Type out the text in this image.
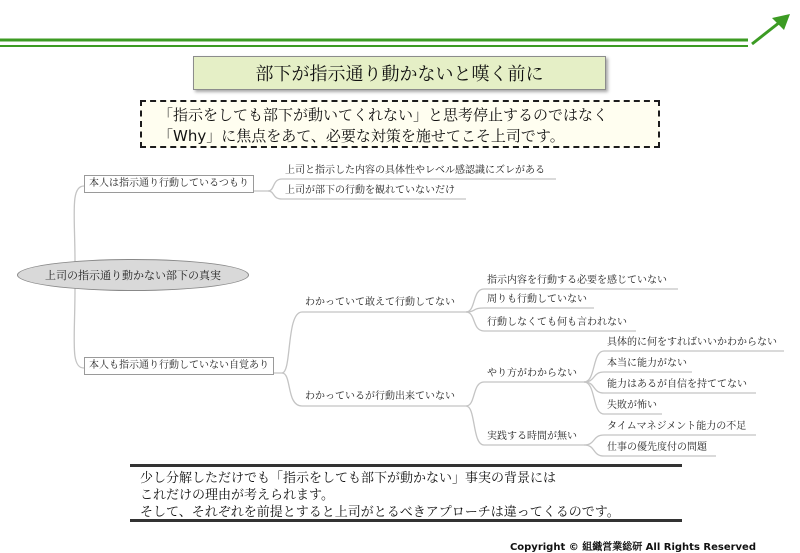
部下が指示通り動かないと嘆く前に
「指示をしても部下が動いてくれない」と思考停止するのではなく
「Why」に焦点をあて、必要な対策を施せてこそ上司です。
上司の指示通り動かない部下の真実
本人は指示通り行動しているつもり
上司と指示した内容の具体性やレベル感認識にズレがある
上司が部下の行動を観れていないだけ
本人も指示通り行動していない自覚あり
わかっていて敢えて行動してない
指示内容を行動する必要を感じていない
周りも行動していない
行動しなくても何も言われない
わかっているが行動出来ていない
やり方がわからない
具体的に何をすればいいかわからない
本当に能力がない
能力はあるが自信を持ててない
失敗が怖い
実践する時間が無い
タイムマネジメント能力の不足
仕事の優先度付の問題
少し分解しただけでも「指示をしても部下が動かない」事実の背景には
これだけの理由が考えられます。
そして、それぞれを前提とすると上司がとるべきアプローチは違ってくるのです。
Copyright © 組織営業総研 All Rights Reserved
